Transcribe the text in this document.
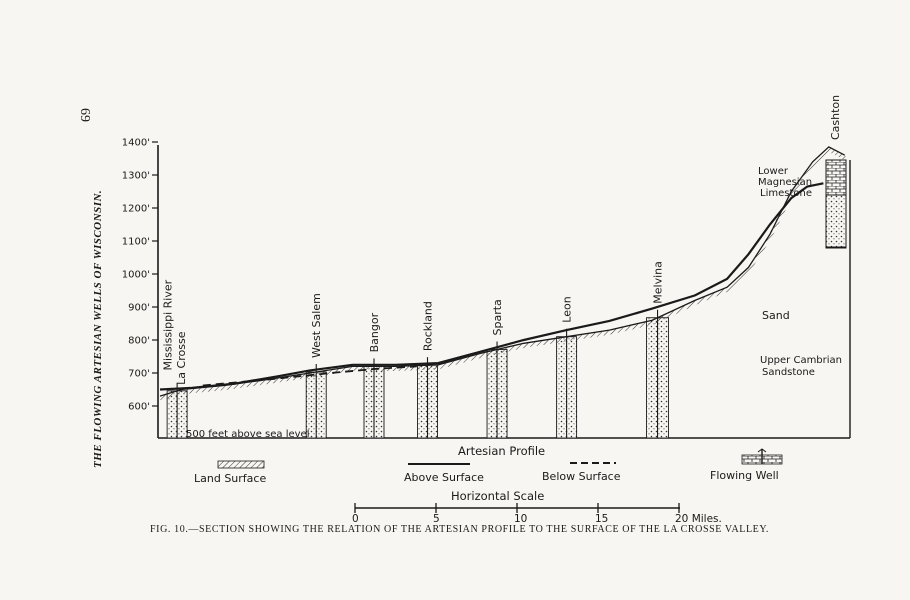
600'
700'
800'
900'
1000'
1100'
1200'
1300'
1400'
Mississippi River La Crosse
West Salem	Bangor	Rockland	Sparta	Leon
Melvina
Cashton
500 feet above sea level
Lower
Magnesian
Limestone
Sand
Upper Cambrian
Sandstone
Artesian Profile
Land Surface	Above Surface	Below Surface	Flowing Well
Horizontal Scale
0	5	10	15	20 Miles.
69
THE FLOWING ARTESIAN WELLS OF WISCONSIN.
FIG. 10.—SECTION SHOWING THE RELATION OF THE ARTESIAN PROFILE TO THE SURFACE OF THE LA CROSSE VALLEY.
